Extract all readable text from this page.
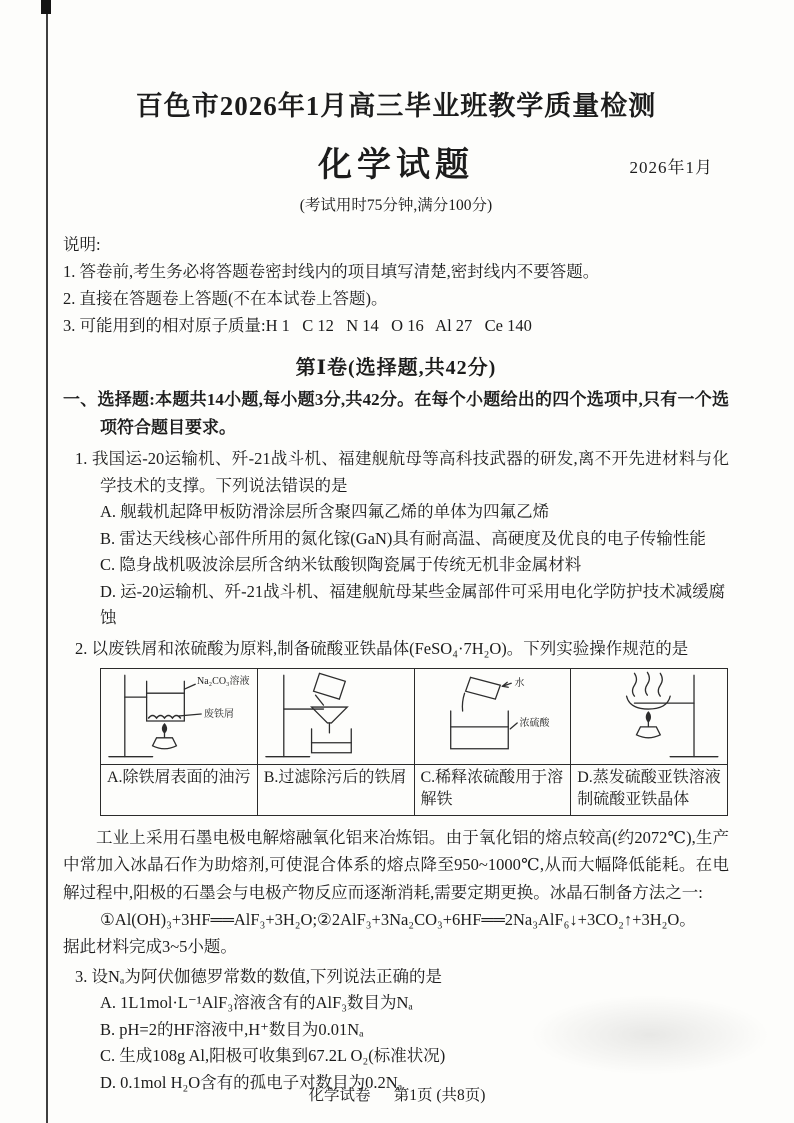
百色市2026年1月高三毕业班教学质量检测
化学试题	2026年1月
(考试用时75分钟,满分100分)
说明:
1. 答卷前,考生务必将答题卷密封线内的项目填写清楚,密封线内不要答题。
2. 直接在答题卷上答题(不在本试卷上答题)。
3. 可能用到的相对原子质量:H 1   C 12   N 14   O 16   Al 27   Ce 140
第Ⅰ卷(选择题,共42分)
一、选择题:本题共14小题,每小题3分,共42分。在每个小题给出的四个选项中,只有一个选项符合题目要求。
1. 我国运-20运输机、歼-21战斗机、福建舰航母等高科技武器的研发,离不开先进材料与化学技术的支撑。下列说法错误的是
A. 舰载机起降甲板防滑涂层所含聚四氟乙烯的单体为四氟乙烯
B. 雷达天线核心部件所用的氮化镓(GaN)具有耐高温、高硬度及优良的电子传输性能
C. 隐身战机吸波涂层所含纳米钛酸钡陶瓷属于传统无机非金属材料
D. 运-20运输机、歼-21战斗机、福建舰航母某些金属部件可采用电化学防护技术减缓腐蚀
2. 以废铁屑和浓硫酸为原料,制备硫酸亚铁晶体(FeSO₄·7H₂O)。下列实验操作规范的是
Na₂CO₃溶液
废铁屑		水
浓硫酸

A.除铁屑表面的油污	B.过滤除污后的铁屑	C.稀释浓硫酸用于溶解铁	D.蒸发硫酸亚铁溶液制硫酸亚铁晶体

工业上采用石墨电极电解熔融氧化铝来冶炼铝。由于氧化铝的熔点较高(约2072℃),生产中常加入冰晶石作为助熔剂,可使混合体系的熔点降至950~1000℃,从而大幅降低能耗。在电解过程中,阳极的石墨会与电极产物反应而逐渐消耗,需要定期更换。冰晶石制备方法之一:

①Al(OH)₃+3HF══AlF₃+3H₂O;②2AlF₃+3Na₂CO₃+6HF══2Na₃AlF₆↓+3CO₂↑+3H₂O。
据此材料完成3~5小题。
3. 设Nₐ为阿伏伽德罗常数的数值,下列说法正确的是
A. 1L1mol·L⁻¹AlF₃溶液含有的AlF₃数目为Nₐ
B. pH=2的HF溶液中,H⁺数目为0.01Nₐ
C. 生成108g Al,阳极可收集到67.2L O₂(标准状况)
D. 0.1mol H₂O含有的孤电子对数目为0.2Nₐ
化学试卷      第1页 (共8页)
